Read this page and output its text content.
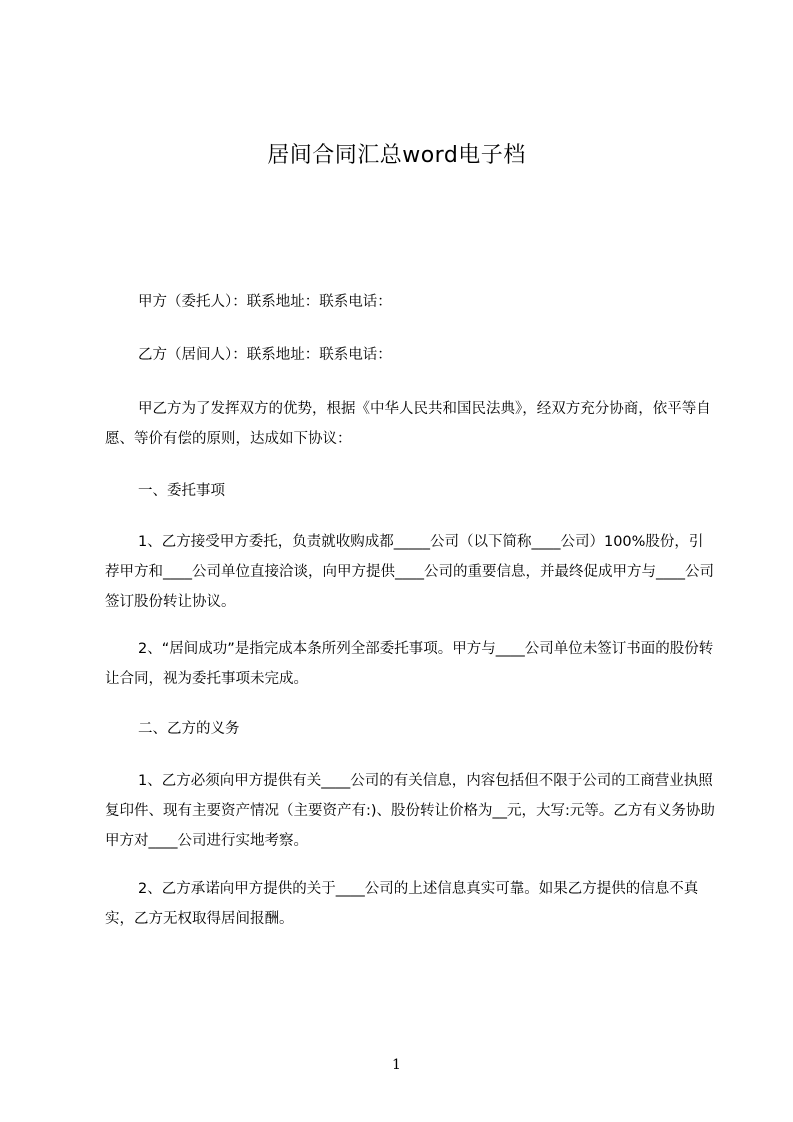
居间合同汇总word电子档
甲方（委托人）：联系地址：联系电话：
乙方（居间人）：联系地址：联系电话：
甲乙方为了发挥双方的优势，根据《中华人民共和国民法典》，经双方充分协商，依平等自愿、等价有偿的原则，达成如下协议：
一、委托事项
1、乙方接受甲方委托，负责就收购成都_____公司（以下简称____公司）100%股份，引荐甲方和____公司单位直接洽谈，向甲方提供____公司的重要信息，并最终促成甲方与____公司签订股份转让协议。
2、“居间成功”是指完成本条所列全部委托事项。甲方与____公司单位未签订书面的股份转让合同，视为委托事项未完成。
二、乙方的义务
1、乙方必须向甲方提供有关____公司的有关信息，内容包括但不限于公司的工商营业执照复印件、现有主要资产情况（主要资产有:)、股份转让价格为__元，大写:元等。乙方有义务协助甲方对____公司进行实地考察。
2、乙方承诺向甲方提供的关于____公司的上述信息真实可靠。如果乙方提供的信息不真实，乙方无权取得居间报酬。
1
